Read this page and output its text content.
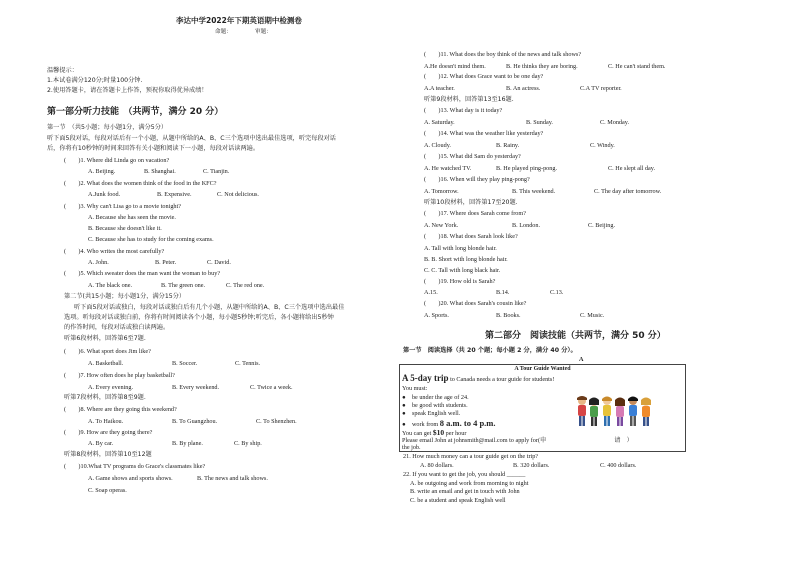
李达中学2022年下期英语期中检测卷
命题：	审题：
温馨提示：
1.本试卷满分120分;时量100分钟.
2.使用答题卡，请在答题卡上作答，预祝你取得优异成绩！
第一部分听力技能　（共两节，满分 20 分）
第一节　（共5小题；每小题1分，满分5分）
听下面5段对话，每段对话后有一个小题，从题中所给的A、B、C三个选项中选出最佳选项，听完每段对话
后，你将有10秒钟的时间来回答有关小题和阅读下一小题，每段对话读两遍。
(　　)1. Where did Linda go on vacation?
A. Beijing.	B. Shanghai.	C. Tianjin.
(　　)2. What does the women think of the food in the KFC?
A.Junk food.	B. Expensive.	C. Not delicious.
(　　)3. Why can't Lisa go to a movie tonight?
A. Because she has seen the movie.
B. Because she doesn't like it.
C. Because she has to study for the coming exams.
(　　)4. Who writes the most carefully?
A. John.	B. Peter.	C. David.
(　　)5. Which sweater does the man want the woman to buy?
A. The black one.	B. The green one.	C. The red one.
第二节(共15小题；每小题1分，满分15分）
听下面5段对话或独白，每段对话或独白后有几个小题，从题中所给的A、B、C三个选项中选出最佳
选项。听每段对话或独白前，你将有时间阅读各个小题，每小题5秒钟;听完后，各小题将给出5秒钟
的作答时间，每段对话或独白读两遍。
听第6段材料，回答第6至7题.
(　　)6. What sport does Jim like?
A. Basketball.	B. Soccer.	C. Tennis.
(　　)7. How often does he play basketball?
A. Every evening.	B. Every weekend.	C. Twice a week.
听第7段材料，回答第8至9题.
(　　)8. Where are they going this weekend?
A. To Haikou.	B. To Guangzhou.	C. To Shenzhen.
(　　)9. How are they going there?
A. By car.	B. By plane.	C. By ship.
听第8段材料，回答第10至12题
(　　)10.What TV programs do Grace's classmates like?
A. Game shows and sports shows.	B. The news and talk shows.
C. Soap operas.
(　　)11. What does the boy think of the news and talk shows?
A.He doesn't mind them.	B. He thinks they are boring.	C. He can't stand them.
(　　)12. What does Grace want to be one day?
A.A teacher.	B. An actress.	C.A TV reporter.
听第9段材料，回答第13至16题.
(　　)13. What day is it today?
A. Saturday.	B. Sunday.	C. Monday.
(　　)14. What was the weather like yesterday?
A. Cloudy.	B. Rainy.	C. Windy.
(　　)15. What did Sam do yesterday?
A. He watched TV.	B. He played ping-pong.	C. He slept all day.
(　　)16. When will they play ping-pong?
A. Tomorrow.	B. This weekend.	C. The day after tomorrow.
听第10段材料，回答第17至20题.
(　　)17. Where does Sarah come from?
A. New York.	B. London.	C. Beijing.
(　　)18. What does Sarah look like?
A. Tall with long blonde hair.
B. B. Short with long blonde hair.
C. C. Tall with long black hair.
(　　)19. How old is Sarah?
A.15.	B.14.	C.13.
(　　)20. What does Sarah's cousin like?
A. Sports.	B. Books.	C. Music.
第二部分　阅读技能（共两节，满分 50 分）
第一节　阅读选择（共 20 个题；每小题 2 分，满分 40 分）。
A
A Tour Guide Wanted
A 5-day trip to Canada needs a tour guide for students!
You must:
●　be under the age of 24.
●　be good with students.
●　speak English well.
●　work from 8 a.m. to 4 p.m.
You can get $10 per hour
Please email John at johnsmith@mail.com to apply for(申　　　　　　　　　　　请　）
the job.
21. How much money can a tour guide get on the trip?
A. 80 dollars.	B. 320 dollars.	C. 400 dollars.
22. If you want to get the job, you should ______
A. be outgoing and work from morning to night
B. write an email and get in touch with John
C. be a student and speak English well
